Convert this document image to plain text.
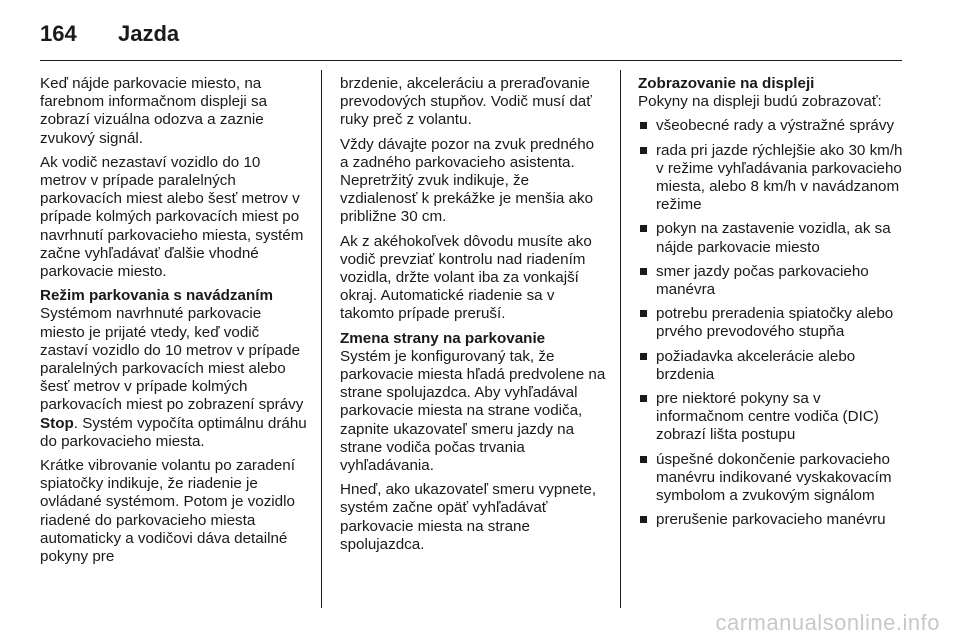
164	Jazda

Keď nájde parkovacie miesto, na farebnom informačnom displeji sa zobrazí vizuálna odozva a zaznie zvukový signál.

Ak vodič nezastaví vozidlo do 10 metrov v prípade paralelných parkovacích miest alebo šesť metrov v prípade kolmých parkovacích miest po navrhnutí parkovacieho miesta, systém začne vyhľadávať ďalšie vhodné parkovacie miesto.

Režim parkovania s navádzaním
Systémom navrhnuté parkovacie miesto je prijaté vtedy, keď vodič zastaví vozidlo do 10 metrov v prípade paralelných parkovacích miest alebo šesť metrov v prípade kolmých parkovacích miest po zobrazení správy Stop. Systém vypočíta optimálnu dráhu do parkovacieho miesta.

Krátke vibrovanie volantu po zaradení spiatočky indikuje, že riadenie je ovládané systémom. Potom je vozidlo riadené do parkovacieho miesta automaticky a vodičovi dáva detailné pokyny pre

brzdenie, akceleráciu a preraďovanie prevodových stupňov. Vodič musí dať ruky preč z volantu.

Vždy dávajte pozor na zvuk predného a zadného parkovacieho asistenta. Nepretržitý zvuk indikuje, že vzdialenosť k prekážke je menšia ako približne 30 cm.

Ak z akéhokoľvek dôvodu musíte ako vodič prevziať kontrolu nad riadením vozidla, držte volant iba za vonkajší okraj. Automatické riadenie sa v takomto prípade preruší.

Zmena strany na parkovanie
Systém je konfigurovaný tak, že parkovacie miesta hľadá predvolene na strane spolujazdca. Aby vyhľadával parkovacie miesta na strane vodiča, zapnite ukazovateľ smeru jazdy na strane vodiča počas trvania vyhľadávania.

Hneď, ako ukazovateľ smeru vypnete, systém začne opäť vyhľadávať parkovacie miesta na strane spolujazdca.

Zobrazovanie na displeji
Pokyny na displeji budú zobrazovať:

všeobecné rady a výstražné správy
rada pri jazde rýchlejšie ako 30 km/h v režime vyhľadávania parkovacieho miesta, alebo 8 km/h v navádzanom režime
pokyn na zastavenie vozidla, ak sa nájde parkovacie miesto
smer jazdy počas parkovacieho manévra
potrebu preradenia spiatočky alebo prvého prevodového stupňa
požiadavka akcelerácie alebo brzdenia
pre niektoré pokyny sa v informačnom centre vodiča (DIC) zobrazí lišta postupu
úspešné dokončenie parkovacieho manévru indikované vyskakovacím symbolom a zvukovým signálom
prerušenie parkovacieho manévru
carmanualsonline.info
